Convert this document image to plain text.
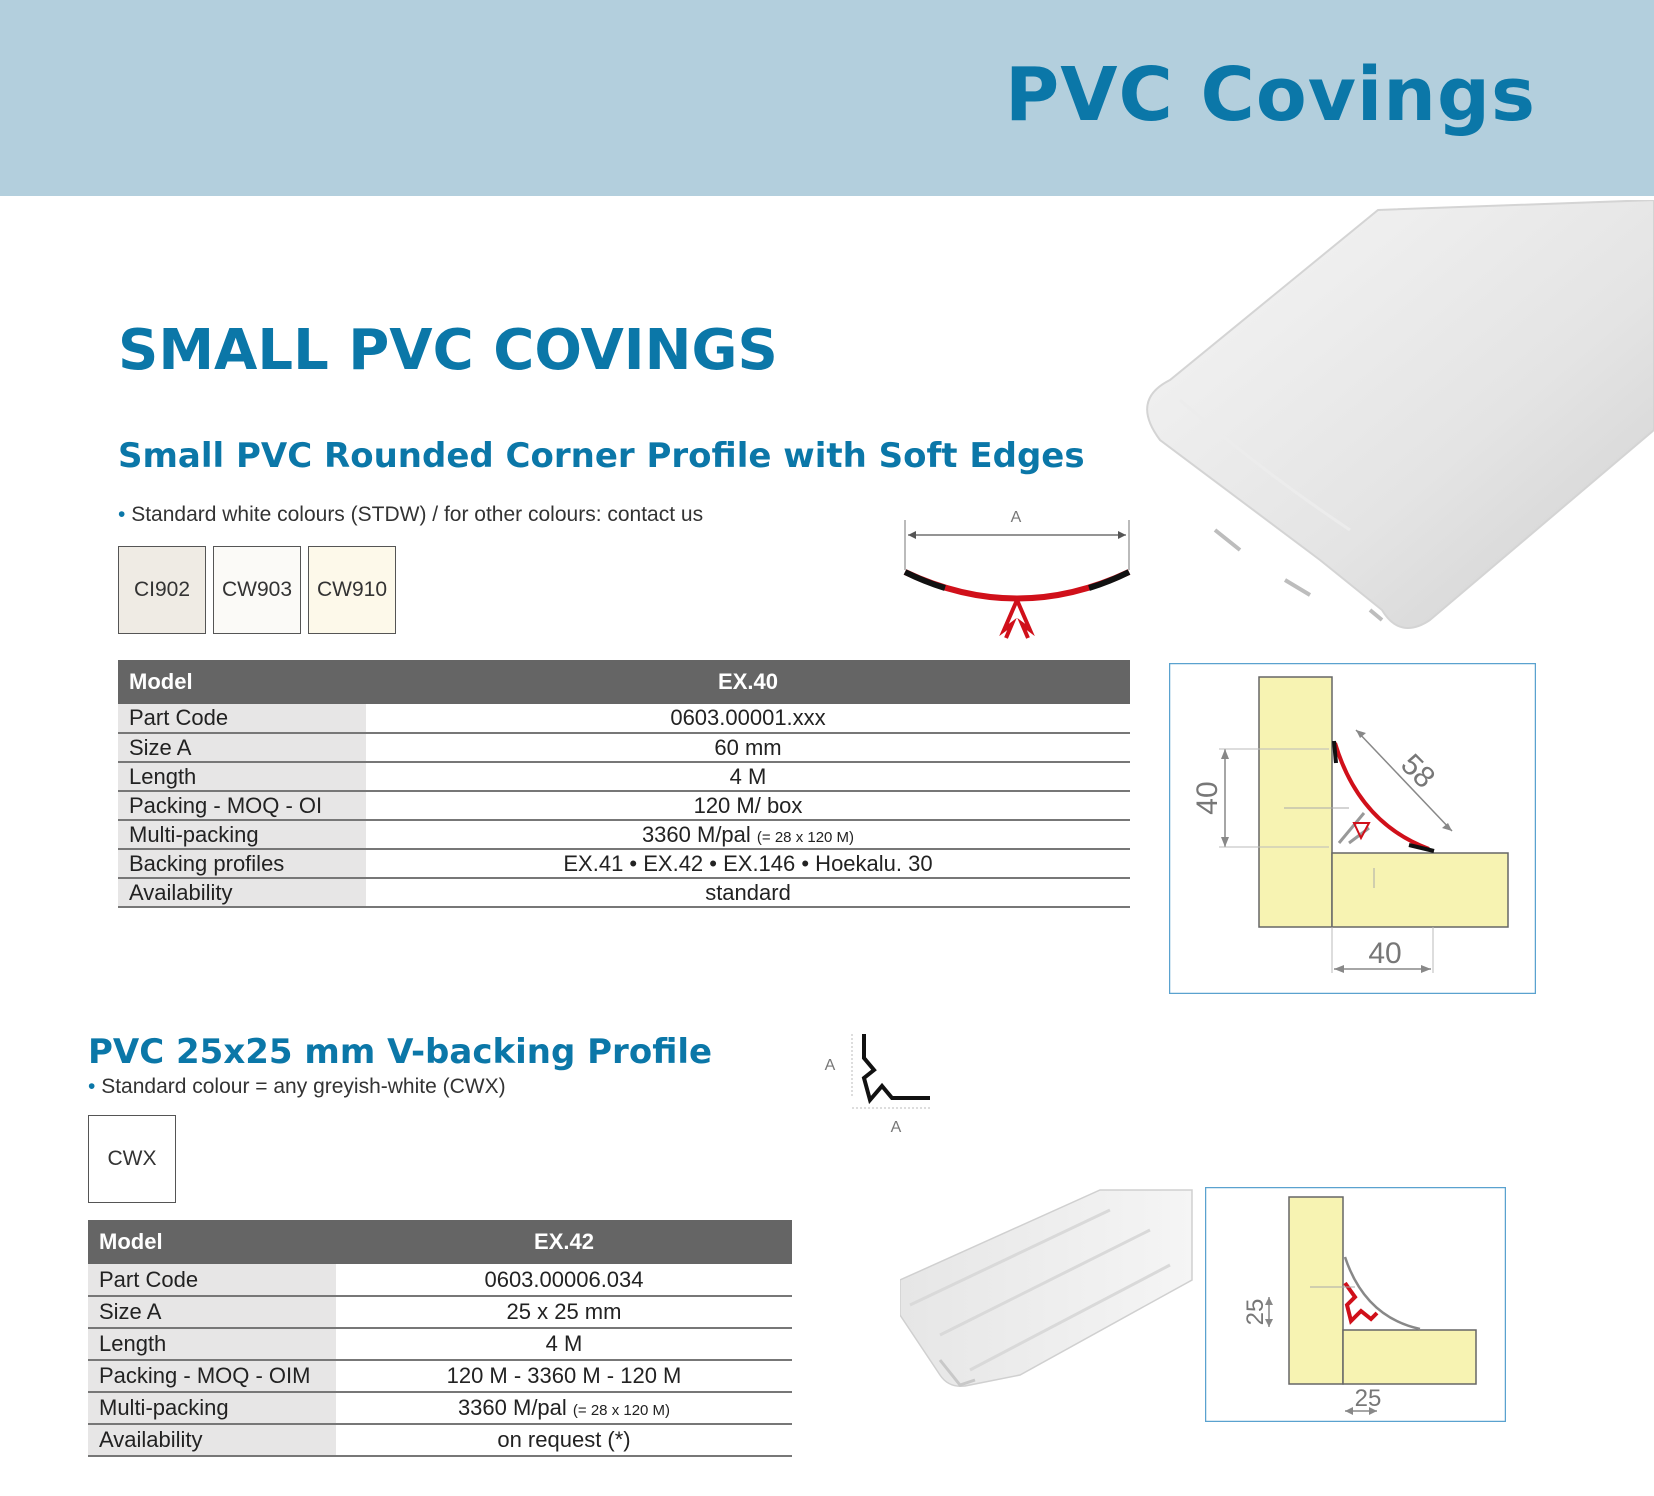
PVC Covings
SMALL PVC COVINGS
Small PVC Rounded Corner Profile with Soft Edges
• Standard white colours (STDW) / for other colours: contact us
CI902	CW903	CW910
A
Model	EX.40
Part Code	0603.00001.xxx
Size A	60 mm
Length	4 M
Packing - MOQ - OI	120 M/ box
Multi-packing	3360 M/pal (= 28 x 120 M)
Backing profiles	EX.41 • EX.42 • EX.146 • Hoekalu. 30
Availability	standard
58
40
40
PVC 25x25 mm V-backing Profile
• Standard colour = any greyish-white (CWX)
CWX
A
A
Model	EX.42
Part Code	0603.00006.034
Size A	25 x 25 mm
Length	4 M
Packing - MOQ - OIM	120 M - 3360 M - 120 M
Multi-packing	3360 M/pal (= 28 x 120 M)
Availability	on request (*)
25
25
